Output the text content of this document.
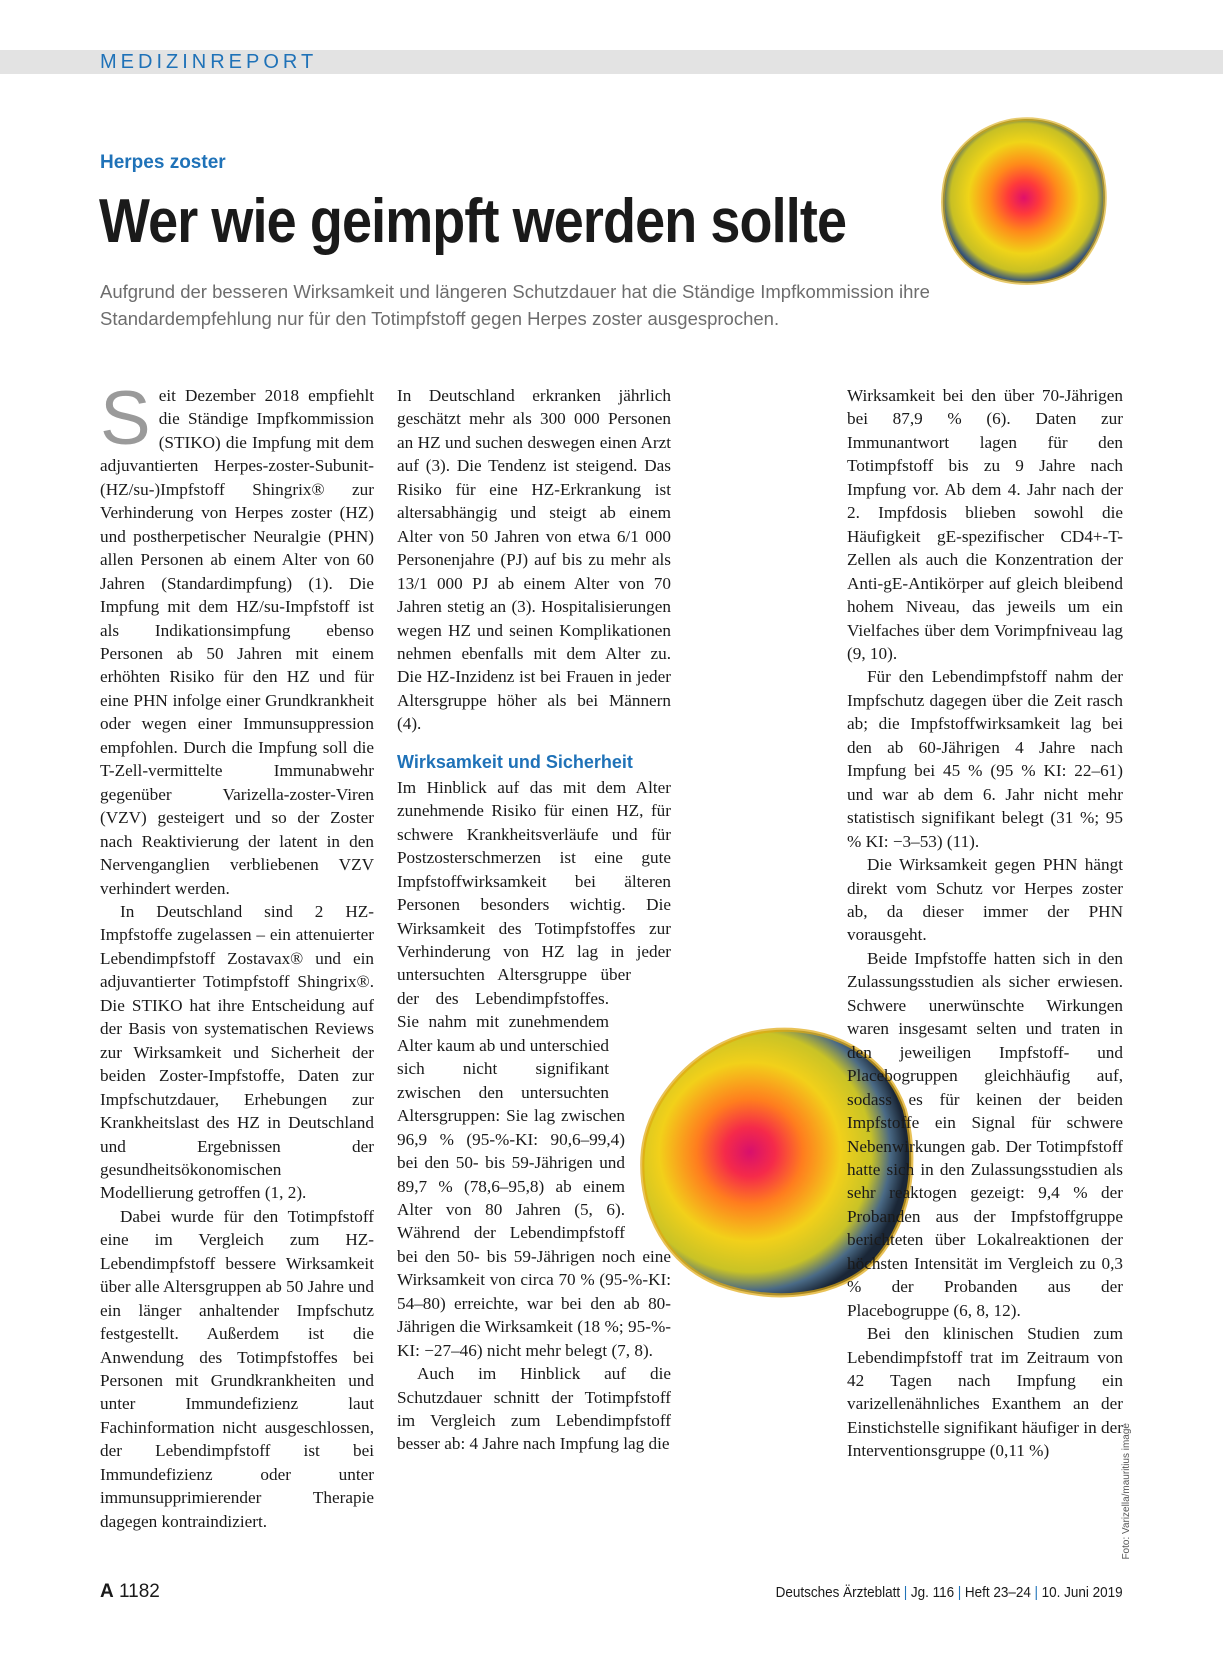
MEDIZINREPORT
Herpes zoster
Wer wie geimpft werden sollte

Aufgrund der besseren Wirksamkeit und längeren Schutzdauer hat die Ständige Impfkommission ihre Standardempfehlung nur für den Totimpfstoff gegen Herpes zoster ausgesprochen.

Seit Dezember 2018 empfiehlt die Ständige Impfkommission (STIKO) die Impfung mit dem adjuvantierten Herpes-zoster-Subunit-(HZ/su-)Impfstoff Shingrix® zur Verhinderung von Herpes zoster (HZ) und postherpetischer Neuralgie (PHN) allen Personen ab einem Alter von 60 Jahren (Standardimpfung) (1). Die Impfung mit dem HZ/su-Impfstoff ist als Indikationsimpfung ebenso Personen ab 50 Jahren mit einem erhöhten Risiko für den HZ und für eine PHN infolge einer Grundkrankheit oder wegen einer Immunsuppression empfohlen. Durch die Impfung soll die T-Zell-vermittelte Immunabwehr gegenüber Varizella-zoster-Viren (VZV) gesteigert und so der Zoster nach Reaktivierung der latent in den Nervenganglien verbliebenen VZV verhindert werden.

In Deutschland sind 2 HZ-Impfstoffe zugelassen – ein attenuierter Lebendimpfstoff Zostavax® und ein adjuvantierter Totimpfstoff Shingrix®. Die STIKO hat ihre Entscheidung auf der Basis von systematischen Reviews zur Wirksamkeit und Sicherheit der beiden Zoster-Impfstoffe, Daten zur Impfschutzdauer, Erhebungen zur Krankheitslast des HZ in Deutschland und Ergebnissen der gesundheitsökonomischen Modellierung getroffen (1, 2).

Dabei wurde für den Totimpfstoff eine im Vergleich zum HZ-Lebendimpfstoff bessere Wirksamkeit über alle Altersgruppen ab 50 Jahre und ein länger anhaltender Impfschutz festgestellt. Außerdem ist die Anwendung des Totimpfstoffes bei Personen mit Grundkrankheiten und unter Immundefizienz laut Fachinformation nicht ausgeschlossen, der Lebendimpfstoff ist bei Immundefizienz oder unter immunsupprimierender Therapie dagegen kontraindiziert.

In Deutschland erkranken jährlich geschätzt mehr als 300 000 Personen an HZ und suchen deswegen einen Arzt auf (3). Die Tendenz ist steigend. Das Risiko für eine HZ-Erkrankung ist altersabhängig und steigt ab einem Alter von 50 Jahren von etwa 6/1 000 Personenjahre (PJ) auf bis zu mehr als 13/1 000 PJ ab einem Alter von 70 Jahren stetig an (3). Hospitalisierungen wegen HZ und seinen Komplikationen nehmen ebenfalls mit dem Alter zu. Die HZ-Inzidenz ist bei Frauen in jeder Altersgruppe höher als bei Männern (4).

Wirksamkeit und Sicherheit

Im Hinblick auf das mit dem Alter zunehmende Risiko für einen HZ, für schwere Krankheitsverläufe und für Postzosterschmerzen ist eine gute Impfstoffwirksamkeit bei älteren Personen besonders wichtig. Die Wirksamkeit des Totimpfstoffes zur Verhinderung von HZ lag in jeder untersuchten Altersgruppe über der des Lebendimpfstoffes. Sie nahm mit zunehmendem Alter kaum ab und unterschied sich nicht signifikant zwischen den untersuchten Altersgruppen: Sie lag zwischen 96,9 % (95-%-KI: 90,6–99,4) bei den 50- bis 59-Jährigen und 89,7 % (78,6–95,8) ab einem Alter von 80 Jahren (5, 6). Während der Lebendimpfstoff bei den 50- bis 59-Jährigen noch eine Wirksamkeit von circa 70 % (95-%-KI: 54–80) erreichte, war bei den ab 80-Jährigen die Wirksamkeit (18 %; 95-%-KI: −27–46) nicht mehr belegt (7, 8).

Auch im Hinblick auf die Schutzdauer schnitt der Totimpfstoff im Vergleich zum Lebendimpfstoff besser ab: 4 Jahre nach Impfung lag die

Wirksamkeit bei den über 70-Jährigen bei 87,9 % (6). Daten zur Immunantwort lagen für den Totimpfstoff bis zu 9 Jahre nach Impfung vor. Ab dem 4. Jahr nach der 2. Impfdosis blieben sowohl die Häufigkeit gE-spezifischer CD4+-T-Zellen als auch die Konzentration der Anti-gE-Antikörper auf gleich bleibend hohem Niveau, das jeweils um ein Vielfaches über dem Vorimpfniveau lag (9, 10).

Für den Lebendimpfstoff nahm der Impfschutz dagegen über die Zeit rasch ab; die Impfstoffwirksamkeit lag bei den ab 60-Jährigen 4 Jahre nach Impfung bei 45 % (95 % KI: 22–61) und war ab dem 6. Jahr nicht mehr statistisch signifikant belegt (31 %; 95 % KI: −3–53) (11).

Die Wirksamkeit gegen PHN hängt direkt vom Schutz vor Herpes zoster ab, da dieser immer der PHN vorausgeht.

Beide Impfstoffe hatten sich in den Zulassungsstudien als sicher erwiesen. Schwere unerwünschte Wirkungen waren insgesamt selten und traten in den jeweiligen Impfstoff- und Placebogruppen gleichhäufig auf, sodass es für keinen der beiden Impfstoffe ein Signal für schwere Nebenwirkungen gab. Der Totimpfstoff hatte sich in den Zulassungsstudien als sehr reaktogen gezeigt: 9,4 % der Probanden aus der Impfstoffgruppe berichteten über Lokalreaktionen der höchsten Intensität im Vergleich zu 0,3 % der Probanden aus der Placebogruppe (6, 8, 12).

Bei den klinischen Studien zum Lebendimpfstoff trat im Zeitraum von 42 Tagen nach Impfung ein varizellenähnliches Exanthem an der Einstichstelle signifikant häufiger in der Interventionsgruppe (0,11 %)	Foto: Varizella/mauritius image
A 1182	Deutsches Ärzteblatt | Jg. 116 | Heft 23–24 | 10. Juni 2019
